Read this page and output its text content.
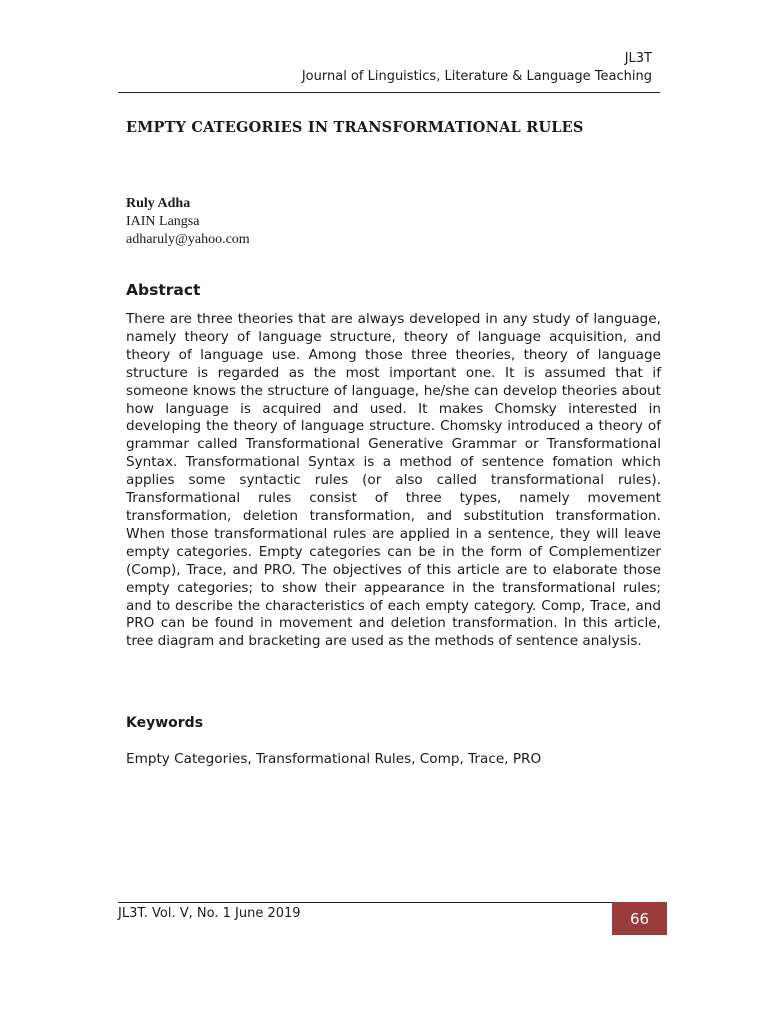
JL3T
Journal of Linguistics, Literature & Language Teaching
EMPTY CATEGORIES IN TRANSFORMATIONAL RULES
Ruly Adha
IAIN Langsa
adharuly@yahoo.com
Abstract

There are three theories that are always developed in any study of language, namely theory of language structure, theory of language acquisition, and theory of language use. Among those three theories, theory of language structure is regarded as the most important one. It is assumed that if someone knows the structure of language, he/she can develop theories about how language is acquired and used. It makes Chomsky interested in developing the theory of language structure. Chomsky introduced a theory of grammar called Transformational Generative Grammar or Transformational Syntax. Transformational Syntax is a method of sentence fomation which applies some syntactic rules (or also called transformational rules). Transformational rules consist of three types, namely movement transformation, deletion transformation, and substitution transformation. When those transformational rules are applied in a sentence, they will leave empty categories. Empty categories can be in the form of Complementizer (Comp), Trace, and PRO. The objectives of this article are to elaborate those empty categories; to show their appearance in the transformational rules; and to describe the characteristics of each empty category. Comp, Trace, and PRO can be found in movement and deletion transformation. In this article, tree diagram and bracketing are used as the methods of sentence analysis.

Keywords
Empty Categories, Transformational Rules, Comp, Trace, PRO
JL3T. Vol. V, No. 1 June 2019	66
